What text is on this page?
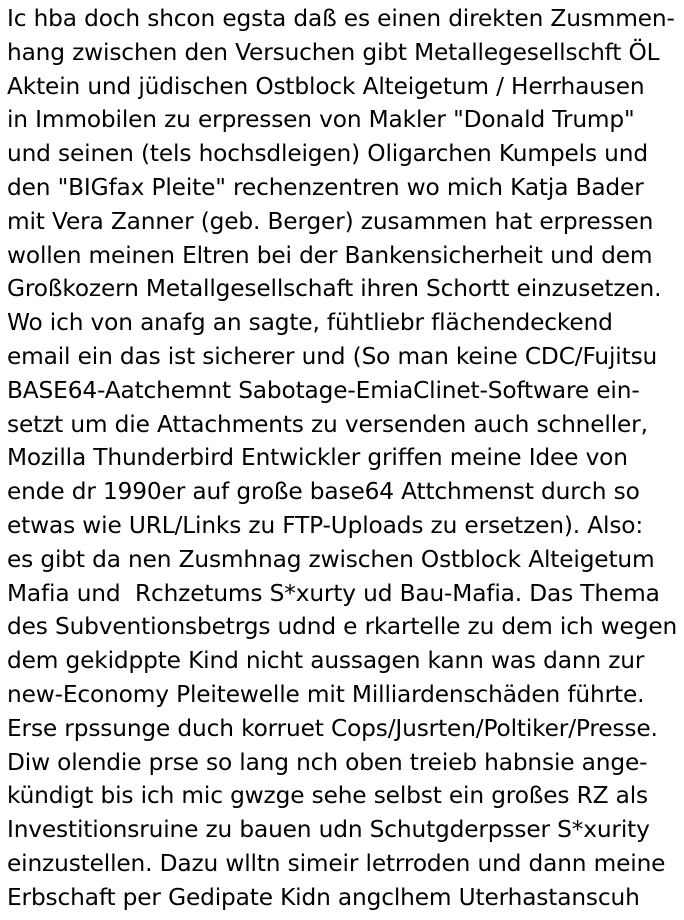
Ic hba doch shcon egsta daß es einen direkten Zusmmen-
hang zwischen den Versuchen gibt Metallegesellschft ÖL
Aktein und jüdischen Ostblock Alteigetum / Herrhausen
in Immobilen zu erpressen von Makler "Donald Trump"
und seinen (tels hochsdleigen) Oligarchen Kumpels und
den "BIGfax Pleite" rechenzentren wo mich Katja Bader
mit Vera Zanner (geb. Berger) zusammen hat erpressen
wollen meinen Eltren bei der Bankensicherheit und dem
Großkozern Metallgesellschaft ihren Schortt einzusetzen.
Wo ich von anafg an sagte, fühtliebr flächendeckend
email ein das ist sicherer und (So man keine CDC/Fujitsu
BASE64-Aatchemnt Sabotage-EmiaClinet-Software ein-
setzt um die Attachments zu versenden auch schneller,
Mozilla Thunderbird Entwickler griffen meine Idee von
ende dr 1990er auf große base64 Attchmenst durch so
etwas wie URL/Links zu FTP-Uploads zu ersetzen). Also:
es gibt da nen Zusmhnag zwischen Ostblock Alteigetum
Mafia und  Rchzetums S*xurty ud Bau-Mafia. Das Thema
des Subventionsbetrgs udnd e rkartelle zu dem ich wegen
dem gekidppte Kind nicht aussagen kann was dann zur
new-Economy Pleitewelle mit Milliardenschäden führte.
Erse rpssunge duch korruet Cops/Jusrten/Poltiker/Presse.
Diw olendie prse so lang nch oben treieb habnsie ange-
kündigt bis ich mic gwzge sehe selbst ein großes RZ als
Investitionsruine zu bauen udn Schutgderpsser S*xurity
einzustellen. Dazu wlltn simeir letrroden und dann meine
Erbschaft per Gedipate Kidn angclhem Uterhastanscuh
